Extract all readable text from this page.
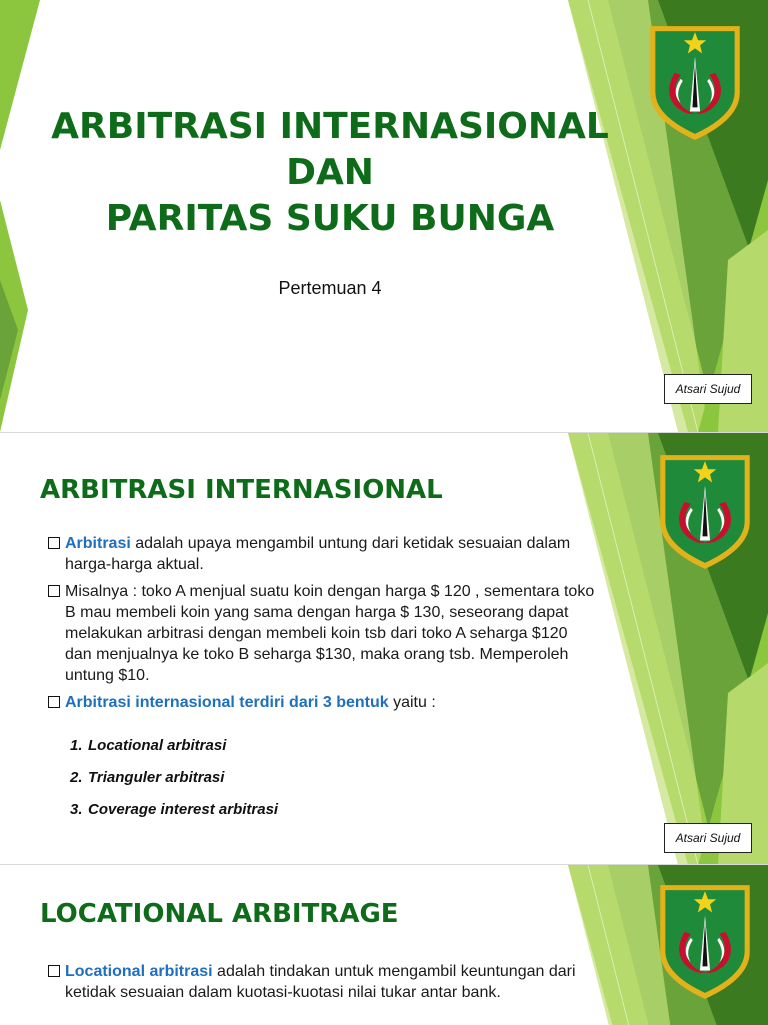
ARBITRASI INTERNASIONAL
DAN
PARITAS SUKU BUNGA
Pertemuan 4
Atsari Sujud
ARBITRASI INTERNASIONAL
Arbitrasi adalah upaya mengambil untung dari ketidak sesuaian dalam harga-harga aktual.
Misalnya : toko A menjual suatu koin dengan harga $ 120 , sementara toko B mau membeli koin yang sama dengan harga $ 130, seseorang dapat melakukan arbitrasi dengan membeli koin tsb dari toko A seharga $120 dan menjualnya ke toko B seharga $130, maka orang tsb. Memperoleh untung $10.
Arbitrasi internasional terdiri dari 3 bentuk yaitu :
1. Locational arbitrasi
2. Trianguler arbitrasi
3. Coverage interest arbitrasi
Atsari Sujud
LOCATIONAL ARBITRAGE
Locational arbitrasi adalah tindakan untuk mengambil keuntungan dari ketidak sesuaian dalam kuotasi-kuotasi nilai tukar antar bank.
